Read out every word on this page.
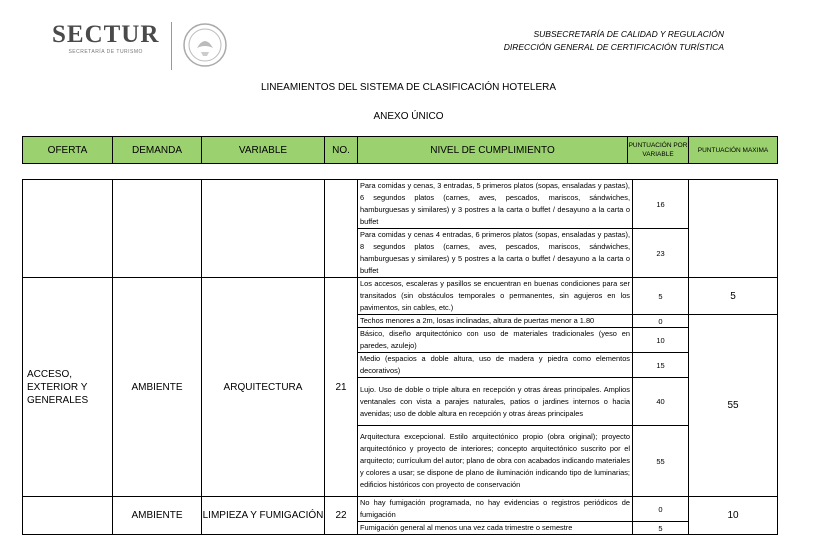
SECTUR
SECRETARÍA DE TURISMO
SUBSECRETARÍA DE CALIDAD Y REGULACIÓN
DIRECCIÓN GENERAL DE CERTIFICACIÓN TURÍSTICA
LINEAMIENTOS DEL SISTEMA DE CLASIFICACIÓN HOTELERA
ANEXO ÚNICO
OFERTA	DEMANDA	VARIABLE	NO.	NIVEL DE CUMPLIMIENTO	PUNTUACIÓN POR VARIABLE	PUNTUACIÓN MAXIMA
				Para comidas y cenas, 3 entradas, 5 primeros platos (sopas, ensaladas y pastas), 6 segundos platos (carnes, aves, pescados, mariscos, sándwiches, hamburguesas y similares) y 3 postres a la carta o buffet / desayuno a la carta o buffet	16	
				Para comidas y cenas 4 entradas, 6 primeros platos (sopas, ensaladas y pastas), 8 segundos platos (carnes, aves, pescados, mariscos, sándwiches, hamburguesas y similares) y 5 postres a la carta o buffet / desayuno a la carta o buffet	23	
ACCESO, EXTERIOR Y GENERALES	AMBIENTE	ARQUITECTURA	21	Los accesos, escaleras y pasillos se encuentran en buenas condiciones para ser transitados (sin obstáculos temporales o permanentes, sin agujeros en los pavimentos, sin cables, etc.)	5	5
				Techos menores a 2m, losas inclinadas, altura de puertas menor a 1.80	0	55
				Básico, diseño arquitectónico con uso de materiales tradicionales (yeso en paredes, azulejo)	10	
				Medio (espacios a doble altura, uso de madera y piedra como elementos decorativos)	15	
				Lujo. Uso de doble o triple altura en recepción y otras áreas principales. Amplios ventanales con vista a parajes naturales, patios o jardines internos o hacia avenidas; uso de doble altura en recepción y otras áreas principales	40	
				Arquitectura excepcional. Estilo arquitectónico propio (obra original); proyecto arquitectónico y proyecto de interiores; concepto arquitectónico suscrito por el arquitecto; currículum del autor; plano de obra con acabados indicando materiales y colores a usar; se dispone de plano de iluminación indicando tipo de luminarias; edificios históricos con proyecto de conservación	55	

	AMBIENTE	LIMPIEZA Y FUMIGACIÓN	22	No hay fumigación programada, no hay evidencias o registros periódicos de fumigación	0	10
				Fumigación general al menos una vez cada trimestre o semestre	5	
